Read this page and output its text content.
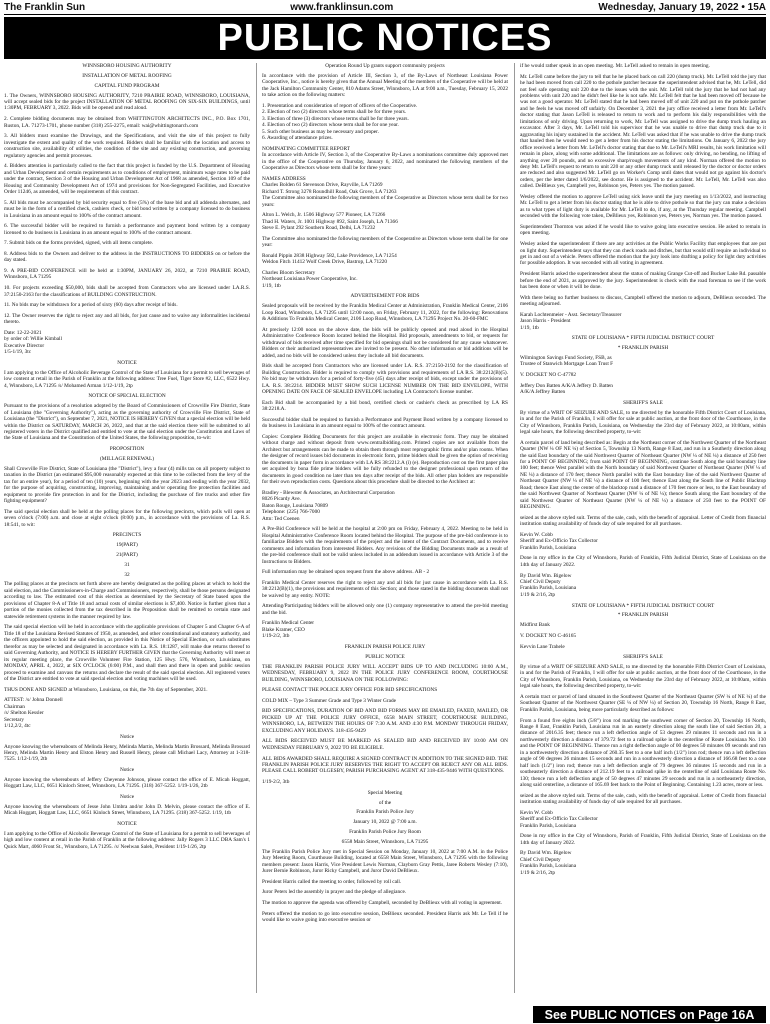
The Franklin Sun	www.franklinsun.com	Wednesday, January 19, 2022 • 15A
PUBLIC NOTICES

WINNSBORO HOUSING AUTHORITY

INSTALLATION OF METAL ROOFING

CAPITAL FUND PROGRAM

1. The Owners, WINNSBORO HOUSING AUTHORITY, 7210 PRAIRIE ROAD, WINNSBORO, LOUISIANA, will accept sealed bids for the project INSTALLATION OF METAL ROOFING ON SIX-SIX BUILDINGS, until 1:30PM, FEBRUARY 3, 2022. Bids will be opened and read aloud.

2. Complete bidding documents may be obtained from WHITTINGTON ARCHITECTS INC., P.O. Box 1701, Ruston, LA. 71273-1701, phone number (318) 255-2275, email: wai@whittingtonarch.com

3. All bidders must examine the Drawings, and the Specifications, and visit the site of this project to fully investigate the extent and quality of the work required. Bidders shall be familiar with the location and access to construction site, availability of utilities, the condition of the site and any existing construction, and governing regulatory agencies and permit processes.

4. Bidders attention is particularly called to the fact that this project is funded by the U.S. Department of Housing and Urban Development and certain requirements as to conditions of employment, minimum wage rates to be paid under the contract, Section 3 of the Housing and Urban Development Act of 1968 as amended, Section 109 of the Housing and Community Development Act of 1974 and provisions for Non-Segregated Facilities, and Executive Order 11246, as amended, will be requirements of this contract.

5. All bids must be accompanied by bid security equal to five (5%) of the base bid and all addenda alternates, and must be in the form of a certified check, cashiers check, or bid bond written by a company licensed to do business in Louisiana in an amount equal to 100% of the contract amount.

6. The successful bidder will be required to furnish a performance and payment bond written by a company licensed to do business in Louisiana in an amount equal to 100% of the contract amount.

7. Submit bids on the forms provided, signed, with all items complete.

8. Address bids to the Owners and deliver to the address in the INSTRUCTIONS TO BIDDERS on or before the day stated.

9. A PRE-BID CONFERENCE will be held at 1:30PM, JANUARY 26, 2022, at 7210 PRAIRIE ROAD, Winnsboro, LA 71295

10. For projects exceeding $50,000, bids shall be accepted from Contractors who are licensed under LA.R.S. 37:2150-2163 for the classifications of BUILDING CONSTRUCTION.

11. No bids may be withdrawn for a period of sixty (60) days after receipt of bids.

12. The Owner reserves the right to reject any and all bids, for just cause and to waive any informalities incidental thereto.

Date: 12-22-2021

by order of: Willie Kimball

Executive Director

1/5-1/19, 3tc

NOTICE

I am applying to the Office of Alcoholic Beverage Control of the State of Louisiana for a permit to sell beverages of low content at retail in the Parish of Franklin at the following address: Tree Fuel, Tiger Store #2, LLC, 6522 Hwy. 4, Winnsboro, LA 71295 /s/ Mohamed Arman 1/12-1/19, 2tp

NOTICE OF SPECIAL ELECTION

Pursuant to the provisions of a resolution adopted by the Board of Commissioners of Crowville Fire District, State of Louisiana (the "Governing Authority"), acting as the governing authority of Crowville Fire District, State of Louisiana (the "District"), on September 7, 2021, NOTICE IS HEREBY GIVEN that a special election will be held within the District on SATURDAY, MARCH 26, 2022, and that at the said election there will be submitted to all registered voters in the District qualified and entitled to vote at the said election under the Constitution and Laws of the State of Louisiana and the Constitution of the United States, the following proposition, to-wit:

PROPOSITION

(MILLAGE RENEWAL)

Shall Crowville Fire District, State of Louisiana (the "District"), levy a four (4) mills tax on all property subject to taxation in the District (an estimated $95,000 reasonably expected at this time to be collected from the levy of the tax for an entire year), for a period of ten (10) years, beginning with the year 2023 and ending with the year 2032, for the purpose of acquiring, constructing, improving, maintaining and/or operating fire protection facilities and equipment to provide fire protection in and for the District, including the purchase of fire trucks and other fire fighting equipment?

The said special election shall be held at the polling places for the following precincts, which polls will open at seven o'clock (7:00) a.m. and close at eight o'clock (8:00) p.m., in accordance with the provisions of La. R.S. 18:541, to wit:

PRECINCTS

19(PART)

21(PART)

31

32

The polling places at the precincts set forth above are hereby designated as the polling places at which to hold the said election, and the Commissioners-in-Charge and Commissioners, respectively, shall be those persons designated according to law. The estimated cost of this election as determined by the Secretary of State based upon the provisions of Chapter 8-A of Title 18 and actual costs of similar elections is $7,400. Notice is further given that a portion of the monies collected from the tax described in the Proposition shall be remitted to certain state and statewide retirement systems in the manner required by law.

The said special election will be held in accordance with the applicable provisions of Chapter 5 and Chapter 6-A of Title 18 of the Louisiana Revised Statutes of 1950, as amended, and other constitutional and statutory authority, and the officers appointed to hold the said election, as provided in this Notice of Special Election, or such substitutes therefor as may be selected and designated in accordance with La. R.S. 18:1287, will make due returns thereof to said Governing Authority, and NOTICE IS HEREBY FURTHER GIVEN that the Governing Authority will meet at its regular meeting place, the Crowville Volunteer Fire Station, 125 Hwy. 576, Winnsboro, Louisiana, on MONDAY, APRIL 4, 2022, at SIX O'CLOCK (6:00) P.M., and shall then and there in open and public session proceed to examine and canvass the returns and declare the result of the said special election. All registered voters of the District are entitled to vote at said special election and voting machines will be used.

THUS DONE AND SIGNED at Winnsboro, Louisiana, on this, the 7th day of September, 2021.

ATTEST: /s/ Johna Donnell

Chairman

/s/ Shelton Kessler

Secretary

1/12,2/2, 4tc

Notice

Anyone knowing the whereabouts of Melinda Henry, Melinda Martin, Melinda Martin Brossard, Melinda Brossard Henry, Melinda Martin Henry and Elston Henry and Russell Henry, please call Michael Lacy, Attorney at 1-318-7525. 1/12-1/19, 2tb

Notice

Anyone knowing the whereabouts of Jeffery Cheyenne Johnson, please contact the office of E. Micah Hoggatt, Hoggatt Law, LLC, 6651 Kinloch Street, Winnsboro, LA 71295. (318) 367-5252. 1/19-1/26, 2tb

Notice

Anyone knowing the whereabouts of Jesse John Umbra and/or John D. Melvin, please contact the office of E. Micah Hoggatt, Hoggatt Law, LLC, 6651 Kinloch Street, Winnsboro, LA 71295. (318) 367-5252. 1/19, 1tb

NOTICE

I am applying to the Office of Alcoholic Beverage Control of the State of Louisiana for a permit to sell beverages of high and low content at retail in the Parish of Franklin at the following address: Jally Rogers 3 LLC DBA Sam's 1 Quick Mart, 4060 Front St., Winnsboro, LA 71295. /s/ Neelwan Saleh, President 1/19-1/26, 2tp

Operation Round Up grants support community projects

In accordance with the provision of Article III, Section 3, of the By-Laws of Northeast Louisiana Power Cooperative, Inc., notice is hereby given that the Annual Meeting of the members of the Cooperative will be held at the Jack Hamilton Community Center, 810 Adams Street, Winnsboro, LA at 9:00 a.m., Tuesday, February 15, 2022 to take action on the following matters:

1. Presentation and consideration of report of officers of the Cooperative.

2. Election of two (2) directors whose terms shall be for three years.

3. Election of three (3) directors whose terms shall be for three years.

4. Election of two (2) directors whose term shall be for one year.

5. Such other business as may be necessary and proper.

6. Awarding of attendance prizes.

NOMINATING COMMITTEE REPORT

In accordance with Article IV, Section 3, of the Cooperative By-Laws a nominations committee duly approved met in the office of the Cooperative on Thursday, January 6, 2022, and nominated the following members of the Cooperative as Directors whose term shall be for three years:

NAMES ADDRESS

Charles Bolden 61 Stevenson Drive, Rayville, LA 71269

Richard T. Strong 3278 Roundhill Road, Oak Grove, LA 71263

The Committee also nominated the following members of the Cooperative as Directors whose term shall be for two years:

Alton L. Welch, Jr. 1506 Highway 577 Pioneer, LA 71266

Thad H. Waters, Jr. 1001 Highway 892, Saint Joseph, LA 71366

Steve E. Pylant 292 Southern Road, Delhi, LA 71232

The Committee also nominated the following members of the Cooperative as Directors whose term shall be for one year:

Ronald Pippin 2838 Highway 582, Lake Providence, LA 71254

Weldon Fitch 11412 Wolf Creek Drive, Bastrop, LA 71220

Charles Bloom Secretary

Northeast Louisiana Power Cooperative, Inc.

1/19, 1tb

ADVERTISEMENT FOR BIDS

Sealed proposals will be received by the Franklin Medical Center at Administration, Franklin Medical Center, 2106 Loop Road, Winnsboro, LA 71295 until 12:00 noon, on Friday, February 11, 2022, for the following: Renovations & Additions To Franklin Medical Center, 2106 Loop Road, Winnsboro, LA 71295 Project No. 20-60-FMC

At precisely 12:00 noon on the above date, the bids will be publicly opened and read aloud in the Hospital Administrative Conference Room located behind the Hospital. Bid proposals, amendments to bid, or requests for withdrawal of bids received after time specified for bid openings shall not be considered for any cause whatsoever. Bidders or their authorized representatives are invited to be present. No other information or bid additions will be added, and no bids will be considered unless they include all bid documents.

Bids shall be accepted from Contractors who are licensed under LA. R.S. 37:2150-2192 for the classification of Building Construction. Bidder is required to comply with provisions and requirements of LA R.S. 38:2212(B)(5). No bid may be withdrawn for a period of forty-five (45) days after receipt of bids, except under the provisions of LA. R.S. 38:2214. BIDDER MUST SHOW SUCH LICENSE NUMBER ON THE BID ENVELOPE, WITH OPENING DATE ON FACE OF SEALED ENVELOPE including LA Contractor's license number.

Each Bid shall be accompanied by a bid bond, certified check or cashier's check as prescribed by LA RS 38:2218.A.

Successful bidder shall be required to furnish a Performance and Payment Bond written by a company licensed to do business in Louisiana in an amount equal to 100% of the contract amount.

Copies: Complete Bidding Documents for this project are available in electronic form. They may be obtained without charge and without deposit from www.centralbidding.com. Printed copies are not available from the Architect but arrangements can be made to obtain them through most reprographic firms and/or plan rooms. When the designer of record issues bid documents in electronic form, prime bidders shall be given the option of receiving the documents in paper form in accordance with LA RS 38:2212.A (i) (e). Reproduction cost on the first paper plan set acquired by bona fide prime bidders will be fully refunded to the designer professional upon return of the documents in good condition no later than ten days after receipt of the bids. All other plan holders are responsible for their own reproduction costs. Questions about this procedure shall be directed to the Architect at:

Bradley - Blewster & Associates, an Architectural Corporation

8026 Picardy Ave.

Baton Rouge, Louisiana 70809

Telephone: (225) 766-7000

Attn: Ted Coenen

A Pre-Bid Conference will be held at the hospital at 2:00 pm on Friday, February 4, 2022. Meeting to be held in Hospital Administrative Conference Room located behind the Hospital. The purpose of the pre-bid conference is to familiarize Bidders with the requirements of the project and the intent of the Contract Documents, and to receive comments and information from interested Bidders. Any revisions of the Bidding Documents made as a result of the pre-bid conference shall not be valid unless included in an addendum issued in accordance with Article 3 of the Instructions to Bidders.

Full information may be obtained upon request from the above address. AB - 2

Franklin Medical Center reserves the right to reject any and all bids for just cause in accordance with La. R.S. 38:2212(B)(1), the provisions and requirements of this Section; and those stated in the bidding documents shall not be waived by any entity. NOTE:

Attending/Participating bidders will be allowed only one (1) company representative to attend the pre-bid meeting and the bid.

Franklin Medical Center

Blake Kramer, CEO

1/19-2/2, 3tb

FRANKLIN PARISH POLICE JURY

PUBLIC NOTICE

THE FRANKLIN PARISH POLICE JURY WILL ACCEPT BIDS UP TO AND INCLUDING 10:00 A.M., WEDNESDAY, FEBRUARY 9, 2022 IN THE POLICE JURY CONFERENCE ROOM, COURTHOUSE BUILDING, WINNSBORO, LOUISIANA ON THE FOLLOWING:

PLEASE CONTACT THE POLICE JURY OFFICE FOR BID SPECIFICATIONS

COLD MIX – Type 3 Summer Grade and Type 3 Winter Grade

BID SPECIFICATIONS, DURATION OF BID AND BID FORMS MAY BE EMAILED, FAXED, MAILED, OR PICKED UP AT THE POLICE JURY OFFICE, 6558 MAIN STREET, COURTHOUSE BUILDING, WINNSBORO, LA, BETWEEN THE HOURS OF 7:30 A.M. AND 4:30 P.M. MONDAY THROUGH FRIDAY, EXCLUDING ANY HOLIDAYS. 318-435-9429

ALL BIDS RECEIVED MUST BE MARKED AS SEALED BID AND RECEIVED BY 10:00 AM ON WEDNESDAY FEBRUARY 9, 2022 TO BE ELIGIBLE.

ALL BIDS AWARDED SHALL REQUIRE A SIGNED CONTRACT IN ADDITION TO THE SIGNED BID. THE FRANKLIN PARISH POLICE JURY RESERVES THE RIGHT TO ACCEPT OR REJECT ANY OR ALL BIDS. PLEASE CALL ROBERT OLGESBY, PARISH PURCHASING AGENT AT 318-435-9446 WITH QUESTIONS.

1/19-2/2, 3tb

Special Meeting

of the

Franklin Parish Police Jury

January 10, 2022 @ 7:00 a.m.

Franklin Parish Police Jury Room

6558 Main Street, Winnsboro, LA 71295

The Franklin Parish Police Jury met in Special Session on Monday, January 10, 2022 at 7:00 A.M. in the Police Jury Meeting Room, Courthouse Building, located at 6558 Main Street, Winnsboro, LA 71295 with the following members present: Jason Harris, Vice President Lewis Norman, Clayborn Gray Pettis, Jaree Roberts Wesley (7:10), Jurer Bernie Robinson, Juror Ricky Campbell, and Juror David DeBlieux.

President Harris called the meeting to order, followed by roll call.

Juror Peters led the assembly in prayer and the pledge of allegiance.

The motion to approve the agenda was offered by Campbell, seconded by DeBlieux with all voting in agreement.

Peters offered the motion to go into executive session, DeBlieux seconded. President Harris ask Mr. Le Tell if he would like to waive going into executive session or

if he would rather speak in an open meeting. Mr. LeTell asked to remain in open meeting.

Mr. LeTell came before the jury to tell that he he placed back on call 220 (dump truck). Mr. LeTell told the jury that he had been moved from call 220 to the pothole patcher because the superintendent advised that he, Mr. LeTell, did not feel safe operating unit 220 due to the issues with the unit. Mr. LeTell told the jury that he had not had any problems with unit 220 and he didn't feel like he is not safe. Mr. LeTell felt that he had been moved off because he was not a good operator. Mr. LeTell stated that he had been moved off of unit 220 and put on the pothole patcher and he feels he was moved off unfairly. On December 3, 2021 the jury office received a letter from Mr. LeTell's doctor stating that Jason LeTell is released to return to work and to perform his daily responsibilities with the limitations of only driving. Upon returning to work, Mr. LeTell was assigned to drive the dump truck hauling an excavator. After 3 days, Mr. LeTell told his supervisor that he was unable to drive that dump truck due to it aggravating his injury sustained in the accident. Mr. LeTell was asked that if he was unable to drive the dump truck that hauled then he would need to get a letter from his doctor stating the limitations. On January 6, 2022 the jury office received a letter from Mr. LeTell's doctor stating that due to Mr. LeTell's MRI results, his work limitation will remain in place, along with some additional. The limitations are as follows: only driving, no bending, no lifting of anything over 20 pounds, and no excessive sharp/rough movements of any kind. Norman offered the motion to deny Mr. LeTell's request to return to unit 220 or any other dump truck until released by the doctor or doctor orders are reduced and also suggested Mr. LeTell go on Worker's Comp until dates that would not go against his doctor's orders, per the letter dated 1/6/2022, see doctor. He is assigned to the accident. Mr. LeTell, Mr. LeTell was also called. DeBlieux yes, Campbell yes, Robinson yes, Peters yes. The motion passed.

Wesley offered the motion to approve LeTell using sick leave until the jury meeting on 1/13/2022, and instructing Mr. LeTell to get a letter from his doctor stating that he is able to drive pothole so that the jury can make a decision as to what types of light duty is available for Mr. LeTell to do, if any, at the Thursday regular meeting. Campbell seconded with the following vote taken, DeBlieux yes, Robinson yes, Peters yes, Norman yes. The motion passed.

Superintendent Thornton was asked if he would like to waive going into executive session. He asked to remain in open meeting.

Wesley asked the superintendent if there are any activities at the Public Works Facility that employees that are put on light duty. Superintendent says that they can check roads and ditches, but that would still require an individual to get in and out of a vehicle. Peters offered the motion that the jury look into drafting a policy for light duty activities for possible adoption. It was seconded with all voting in agreement.

President Harris asked the superintendent about the status of making Grange Cut-off and Bucker Lake Rd. passable before the end of 2021, as approved by the jury. Superintendent is check with the road foreman to see if the work has been done or when it will be done.

With there being no further business to discuss, Campbell offered the motion to adjourn, DeBlieux seconded. The meeting adjourned.

Karah Lochtenmeier - Asst. Secretary/Treasurer

Jason Harris - President

1/19, 1tb

STATE OF LOUISIANA * FIFTH JUDICIAL DISTRICT COURT

* FRANKLIN PARISH

Wilmington Savings Fund Society, FSB, as

Trustee of Stanwich Mortgage Loan Trust F

V. DOCKET NO C-47782

Jeffery Don Batten A/K/A Jeffery D. Batten

A/K/A Jeffrey Batten

SHERIFF'S SALE

By virtue of a WRIT OF SEIZURE AND SALE, to me directed by the honorable Fifth District Court of Louisiana, in and for the Parish of Franklin, I will offer for sale at public auction, at the front door of the Courthouse, in the City of Winnsboro, Franklin Parish, Louisiana, on Wednesday the 23rd day of February 2022, at 10:00am, within legal sale hours, the following described property, to-wit:

A certain parcel of land being described as: Begin at the Northeast corner of the Northwest Quarter of the Northeast Quarter (NW ¼ OF NE ¼) of Section 5, Township 13 North, Range 8 East, and run in a Southerly direction along the said East boundary of the said Northwest Quarter of Northeast Quarter (NW ¼ of NE ¼) a distance of 250 feet for a POINT OF BEGINNING; from said POINT OF BEGINNING, continue South along the said boundary line 100 feet; thence West parallel with the North boundary of said Northwest Quarter of Northeast Quarter (NW ¼ of NE ¼) a distance of 170 feet; thence North parallel with the East boundary line of the said Northwest Quarter of Northeast Quarter (NW ¼ of NE ¼) a distance of 100 feet; thence East along the South line of Public Blacktop Road; thence East along the center of the blacktop road a distance of 170 feet more or less, to the East boundary of the said Northwest Quarter of Northeast Quarter (NW ¼ of NE ¼); thence South along the East boundary of the said Northwest Quarter of Northeast Quarter (NW ¼ of NE ¼) a distance of 250 feet to the POINT OF BEGINNING.

seized as the above styled suit. Terms of the sale, cash, with the benefit of appraisal. Letter of Credit from financial institution stating availability of funds day of sale required for all purchases.

Kevin W. Cobb

Sheriff and Ex-Officio Tax Collector

Franklin Parish, Louisiana

Done in my office in the City of Winnsboro, Parish of Franklin, Fifth Judicial District, State of Louisiana on the 14th day of January 2022.

By David Wm. Bigelow

Chief Civil Deputy

Franklin Parish, Louisiana

1/19 & 2/16, 2tp

STATE OF LOUISIANA * FIFTH JUDICIAL DISTRICT COURT

* FRANKLIN PARISH

Midfirst Bank

V. DOCKET NO C-46165

Kevvin Lane Trahele

SHERIFF'S SALE

By virtue of a WRIT OF SEIZURE AND SALE, to me directed by the honorable Fifth District Court of Louisiana, in and for the Parish of Franklin, I will offer for sale at public auction, at the front door of the Courthouse, in the City of Winnsboro, Franklin Parish, Louisiana, on Wednesday the 23rd day of February 2022, at 10:00am, within legal sale hours, the following described property, to-wit:

A certain tract or parcel of land situated in the Southwest Quarter of the Northeast Quarter (SW ¼ of NE ¼) of the Southeast Quarter of the Northwest Quarter (SE ¼ of NW ¼) of Section 20, Township 16 North, Range 8 East, Franklin Parish, Louisiana, being more particularly described as follows:

From a found five eights inch (5/8") iron rod marking the southwest corner of Section 20, Township 16 North, Range 8 East, Franklin Parish, Louisiana run in an easterly direction along the south line of said Section 20, a distance of 2016.35 feet; thence run a left deflection angle of 53 degrees 29 minutes 11 seconds and run in a northwesterly direction a distance of 379.72 feet to a railroad spike in the centerline of Route Louisiana No. 130 and the POINT OF BEGINNING. Thence run a right deflection angle of 00 degrees 50 minutes 09 seconds and run in a northwesterly direction a distance of 260.35 feet to a one half inch (1/2") iron rod; thence run a left deflection angle of 90 degrees 26 minutes 15 seconds and run in a southwesterly direction a distance of 166.68 feet to a one half inch (1/2") iron rod; thence run a left deflection angle of 79 degrees 36 minutes 15 seconds and run in a southeasterly direction a distance of 212.19 feet to a railroad spike in the centerline of said Louisiana Route No. 130; thence run a left deflection angle of 50 degrees 47 minutes 29 seconds and run in a northeasterly direction, along said centerline, a distance of 165.69 feet back to the Point of Beginning. Containing 1.23 acres, more or less.

seized as the above styled suit. Terms of the sale, cash, with the benefit of appraisal. Letter of Credit from financial institution stating availability of funds day of sale required for all purchases.

Kevin W. Cobb

Sheriff and Ex-Officio Tax Collector

Franklin Parish, Louisiana

Done in my office in the City of Winnsboro, Parish of Franklin, Fifth Judicial District, State of Louisiana on the 14th day of January 2022.

By David Wm. Bigelow

Chief Civil Deputy

Franklin Parish, Louisiana

1/19 & 2/16, 2tp

See PUBLIC NOTICES on Page 16A
